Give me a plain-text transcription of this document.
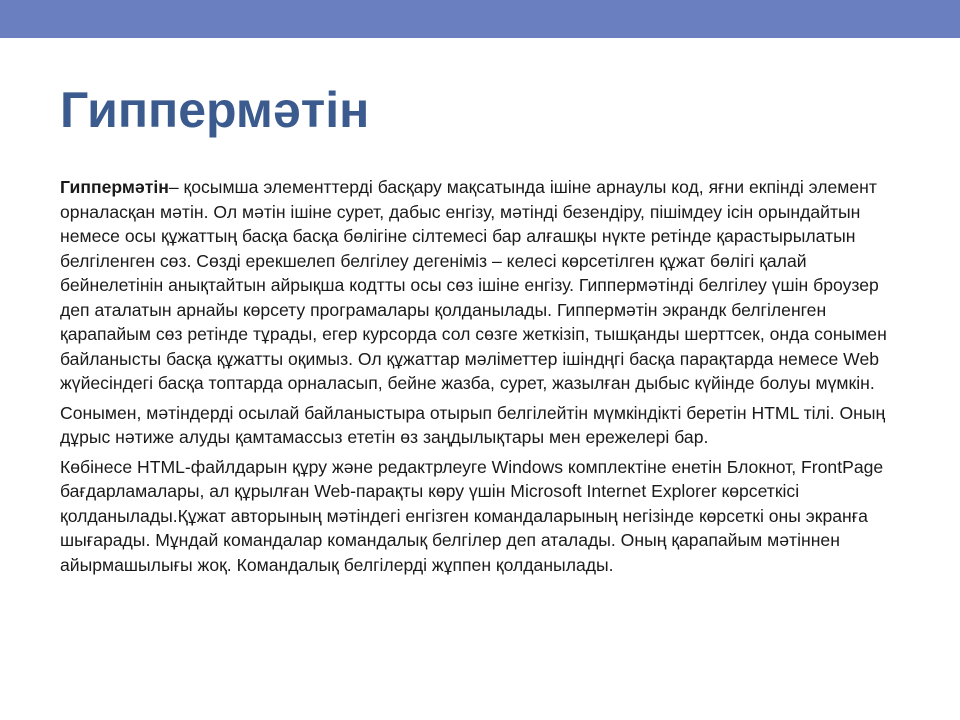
Гиппермәтін

Гиппермәтін– қосымша элементтерді басқару мақсатында ішіне арнаулы код, яғни екпінді элемент орналасқан мәтін. Ол мәтін ішіне сурет, дабыс енгізу, мәтінді безендіру, пішімдеу ісін орындайтын немесе осы құжаттың басқа басқа бөлігіне сілтемесі бар алғашқы нүкте ретінде қарастырылатын белгіленген сөз. Сөзді ерекшелеп белгілеу дегеніміз – келесі көрсетілген құжат бөлігі қалай бейнелетінін анықтайтын айрықша кодтты осы сөз ішіне енгізу. Гиппермәтінді белгілеу үшін броузер деп аталатын арнайы көрсету програмалары қолданылады. Гиппермәтін экрандк белгіленген қарапайым сөз ретінде тұрады, егер курсорда сол сөзге жеткізіп, тышқанды шерттсек, онда сонымен байланысты басқа құжатты оқимыз. Ол құжаттар мәліметтер ішіндңгі басқа парақтарда немесе Web жүйесіндегі басқа топтарда орналасып, бейне жазба, сурет, жазылған дыбыс күйінде болуы мүмкін.

Сонымен, мәтіндерді осылай байланыстыра отырып белгілейтін мүмкіндікті беретін HTML тілі. Оның дұрыс нәтиже алуды қамтамассыз ететін өз заңдылықтары мен ережелері бар.

Көбінесе HTML-файлдарын құру және редактрлеуге Windows комплектіне енетін Блокнот, FrontPage бағдарламалары, ал құрылған Web-парақты көру үшін Microsoft Internet Explorer көрсеткісі қолданылады.Құжат авторының мәтіндегі енгізген командаларының негізінде көрсеткі оны экранға шығарады. Мұндай командалар командалық белгілер деп аталады. Оның қарапайым мәтіннен айырмашылығы жоқ. Командалық белгілерді жұппен қолданылады.
